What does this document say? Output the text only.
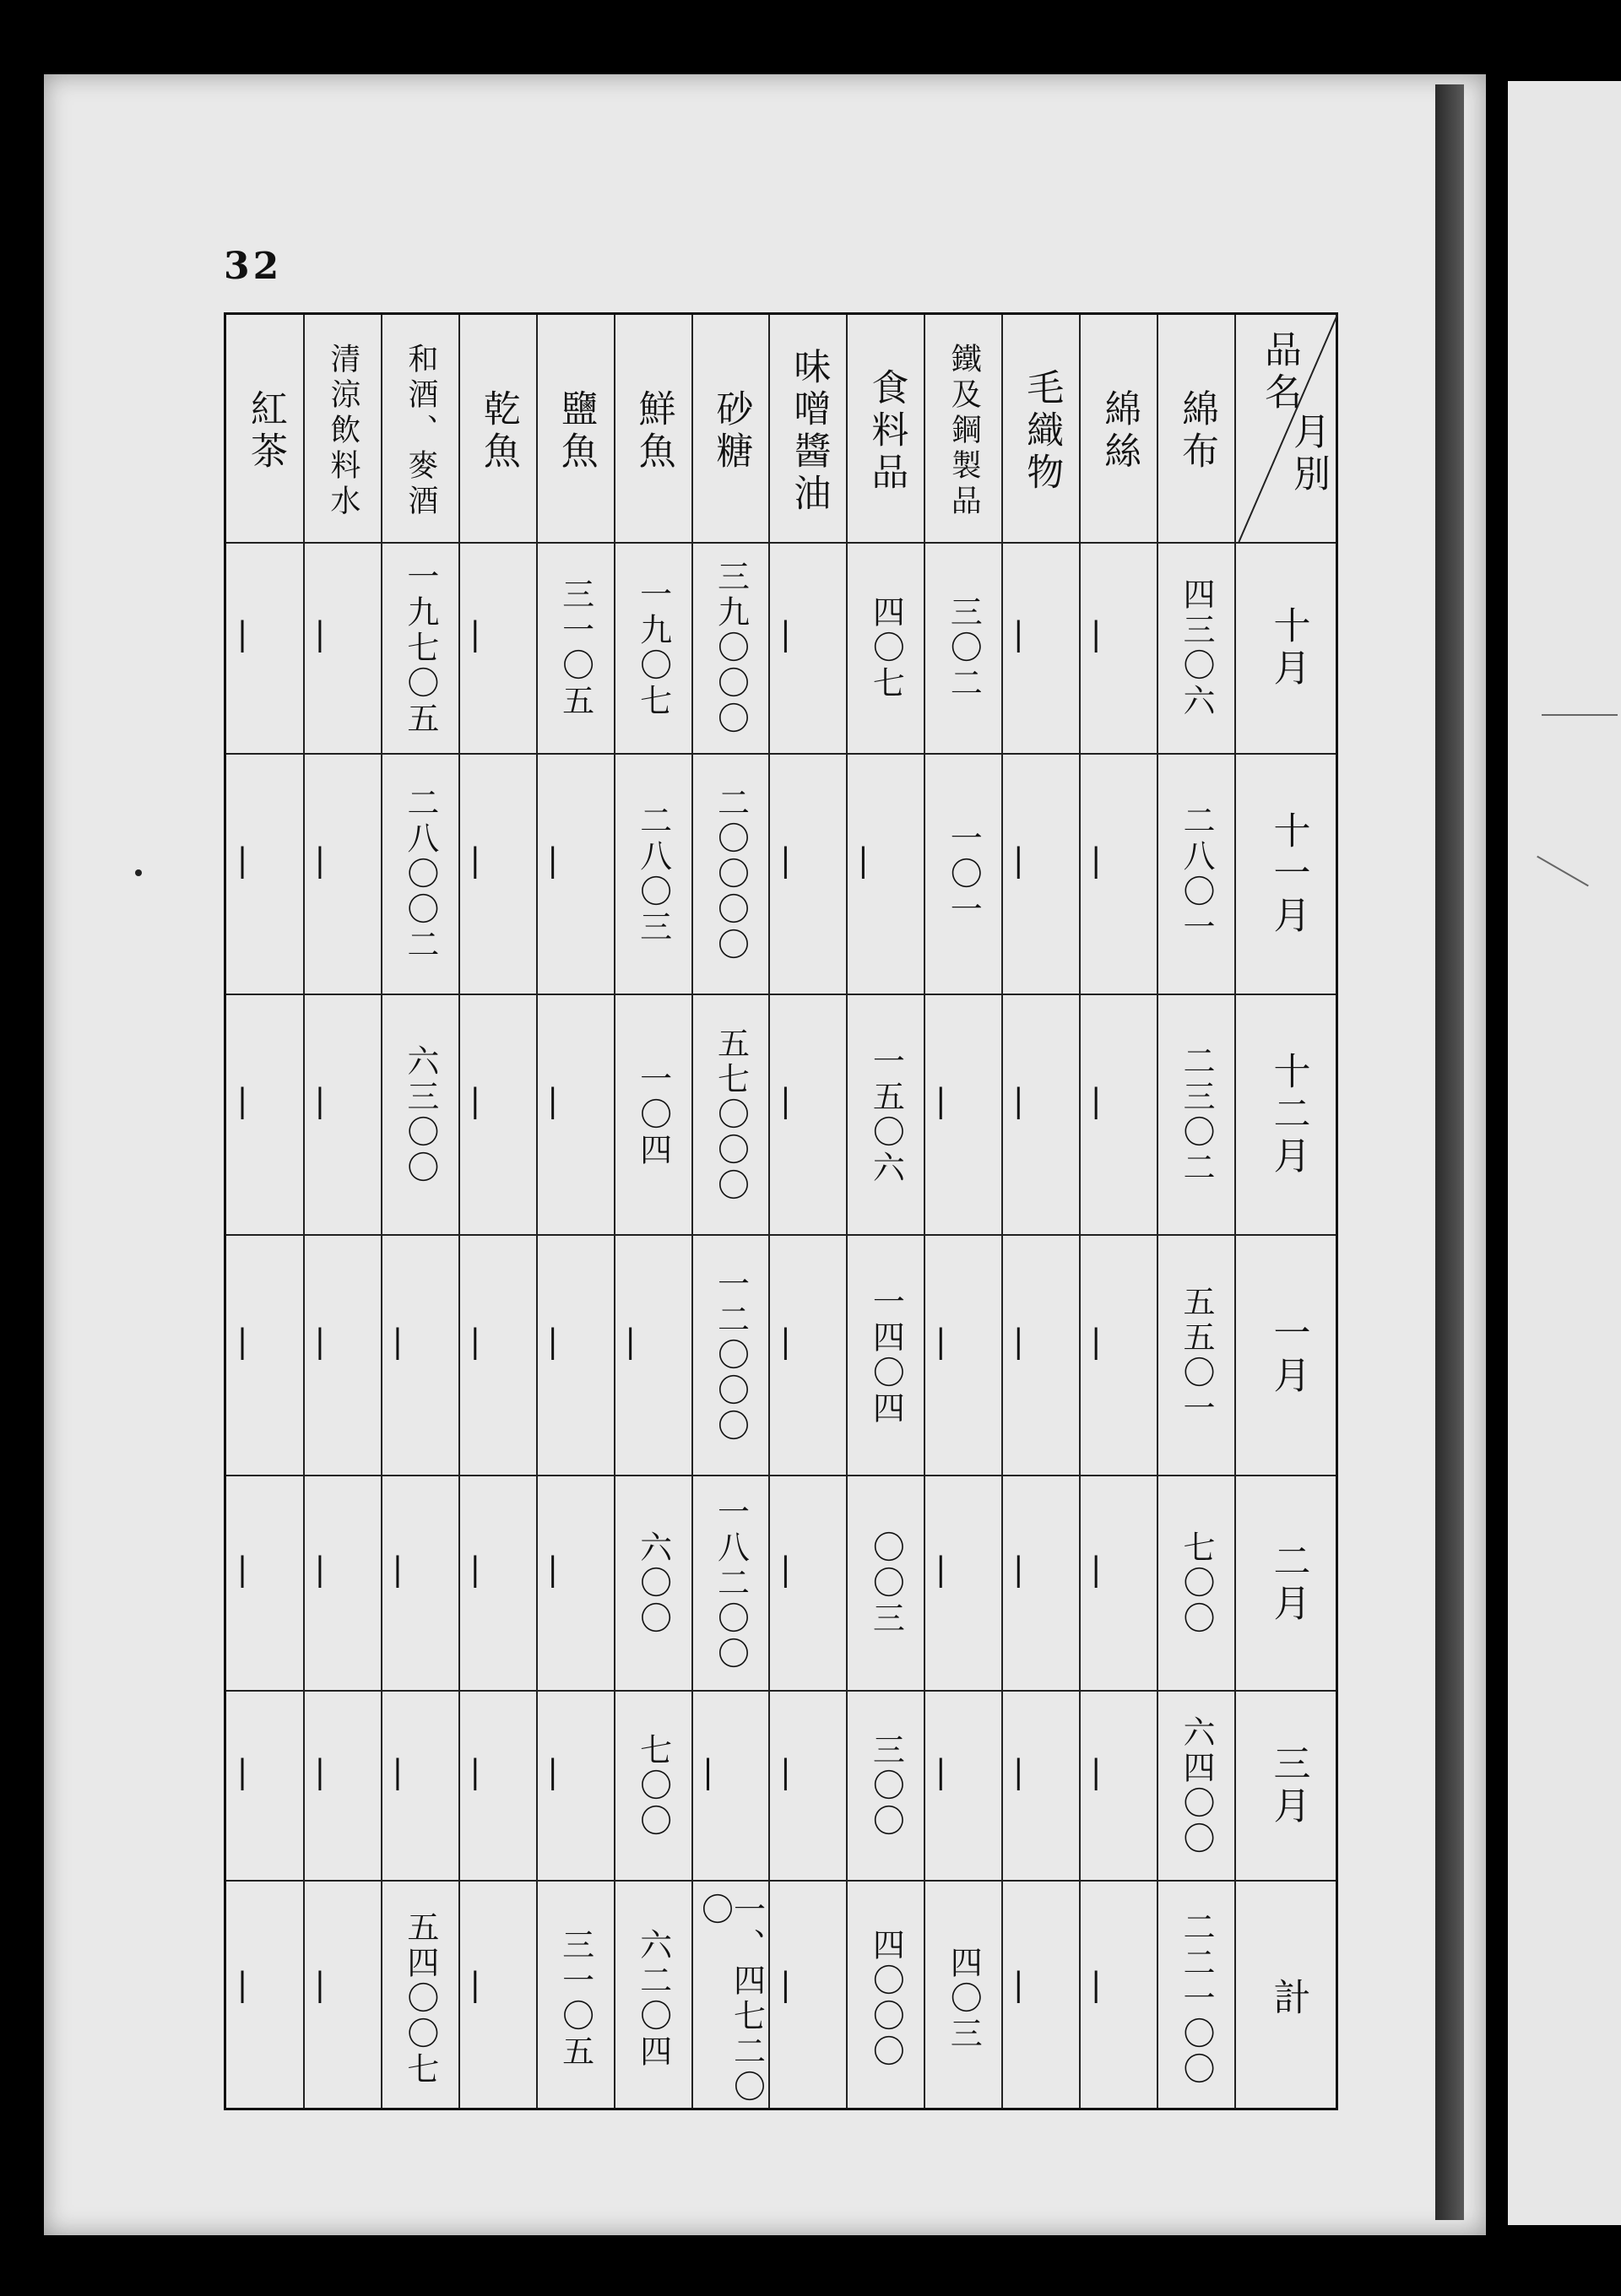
32
品名
月別
十月
十一月
十二月
一月
二月
三月
計
綿布
四三〇六
二八〇一
二三〇二
五五〇一
七〇〇
六四〇〇
二二一〇〇
綿絲
|
|
|
|
|
|
|
毛織物
|
|
|
|
|
|
|
鐵及鋼製品
三〇二
一〇一
|
|
|
|
四〇三
食料品
四〇七
|
一五〇六
一四〇四
〇〇三
三〇〇
四〇〇〇
味噌醬油
|
|
|
|
|
|
|
砂糖
三九〇〇〇
二〇〇〇〇
五七〇〇〇
一二〇〇〇
一八二〇〇
|
一、四七二〇〇
鮮魚
一九〇七
二八〇三
一〇四
|
六〇〇
七〇〇
六二〇四
鹽魚
三一〇五
|
|
|
|
|
三一〇五
乾魚
|
|
|
|
|
|
|
和酒、麥酒
一九七〇五
二八〇〇二
六三〇〇
|
|
|
五四〇〇七
清涼飲料水
|
|
|
|
|
|
|
紅茶
|
|
|
|
|
|
|
